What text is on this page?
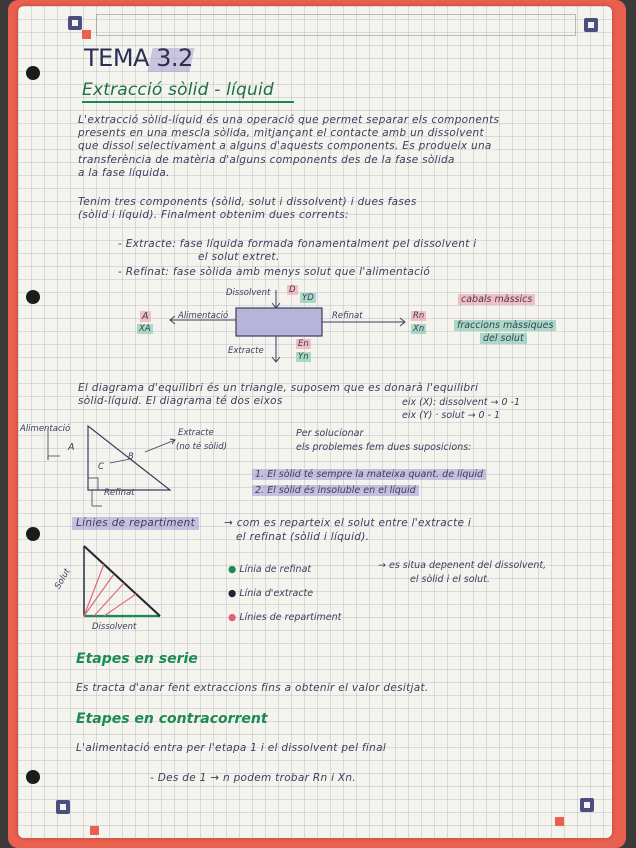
TEMA 3.2
Extracció sòlid - líquid
L'extracció sòlid-líquid és una operació que permet separar els components
presents en una mescla sòlida, mitjançant el contacte amb un dissolvent
que dissol selectivament a alguns d'aquests components. Es produeix una
transferència de matèria d'alguns components des de la fase sòlida
a la fase líquida.
Tenim tres components (sòlid, solut i dissolvent) i dues fases
(sòlid i líquid). Finalment obtenim dues corrents:
- Extracte: fase líquida formada fonamentalment pel dissolvent i
el solut extret.
- Refinat: fase sòlida amb menys solut que l'alimentació
Dissolvent D
YD
A
XA
Alimentació	Refinat	Rn
Xn
Extracte
En
Yn
cabals màssics
fraccions màssiques
del solut
El diagrama d'equilibri és un triangle, suposem que es donarà l'equilibri
sòlid-líquid. El diagrama té dos eixos	eix (X): dissolvent → 0 -1
eix (Y) · solut → 0 - 1
Alimentació
A
Extracte
(no té sòlid)
B
C
Refinat
Per solucionar
els problemes fem dues suposicions:
1. El sòlid té sempre la mateixa quant. de líquid
2. El sòlid és insoluble en el líquid
Línies de repartiment	→ com es reparteix el solut entre l'extracte i
el refinat (sòlid i líquid).
Solut
Dissolvent
● Línia de refinat
● Línia d'extracte
● Línies de repartiment
→ es situa depenent del dissolvent,
el sòlid i el solut.
Etapes en serie
Es tracta d'anar fent extraccions fins a obtenir el valor desitjat.
Etapes en contracorrent
L'alimentació entra per l'etapa 1 i el dissolvent pel final
- Des de 1 → n podem trobar Rn i Xn.
